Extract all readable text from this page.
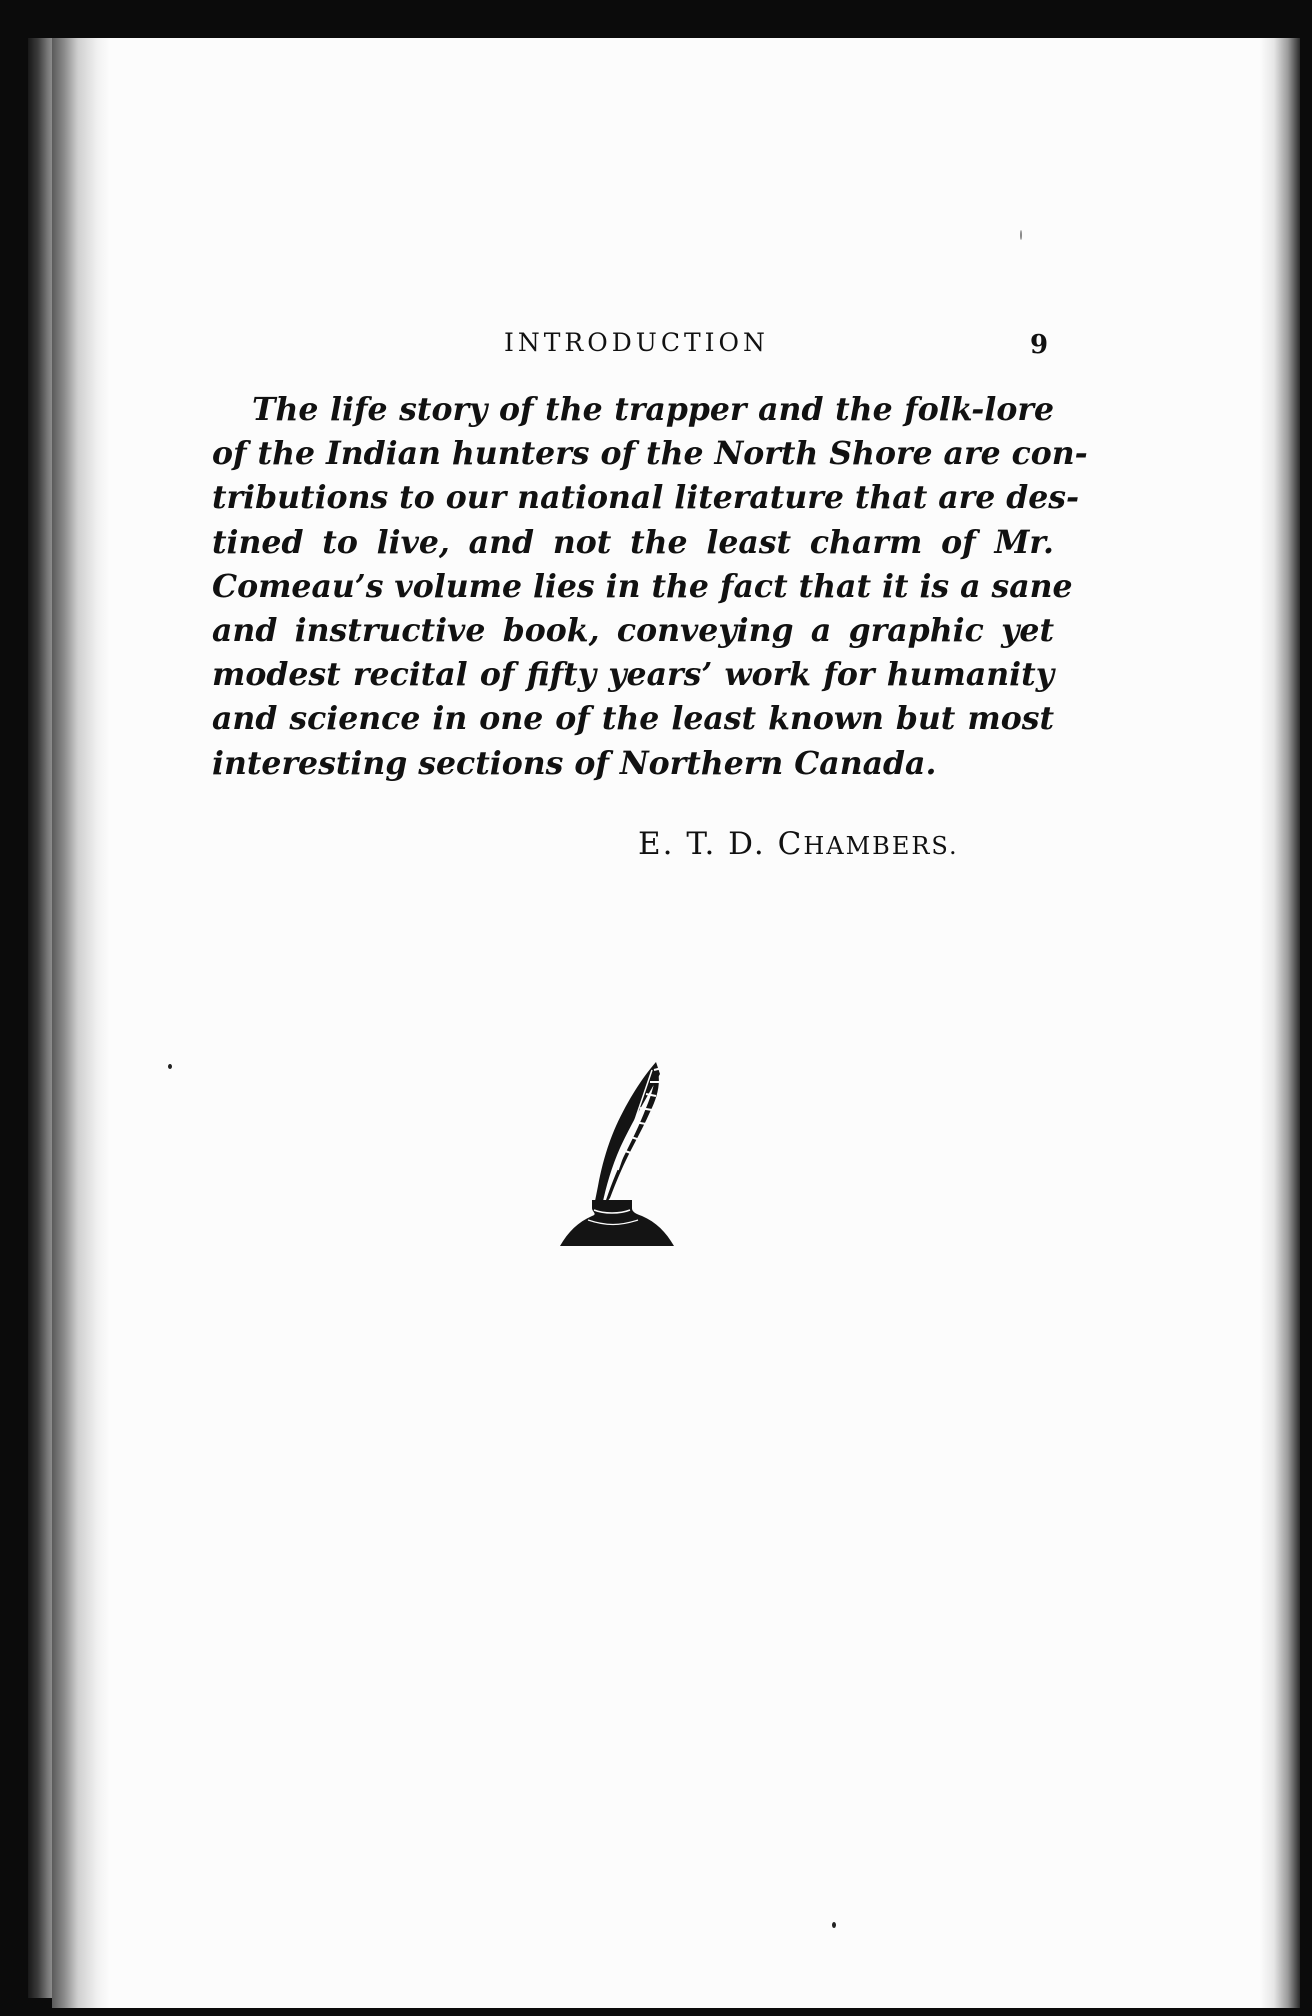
INTRODUCTION	9

The life story of the trapper and the folk-lore
of the Indian hunters of the North Shore are con-
tributions to our national literature that are des-
tined to live, and not the least charm of Mr.
Comeau’s volume lies in the fact that it is a sane
and instructive book, conveying a graphic yet
modest recital of fifty years’ work for humanity
and science in one of the least known but most
interesting sections of Northern Canada.

E. T. D. CHAMBERS.
